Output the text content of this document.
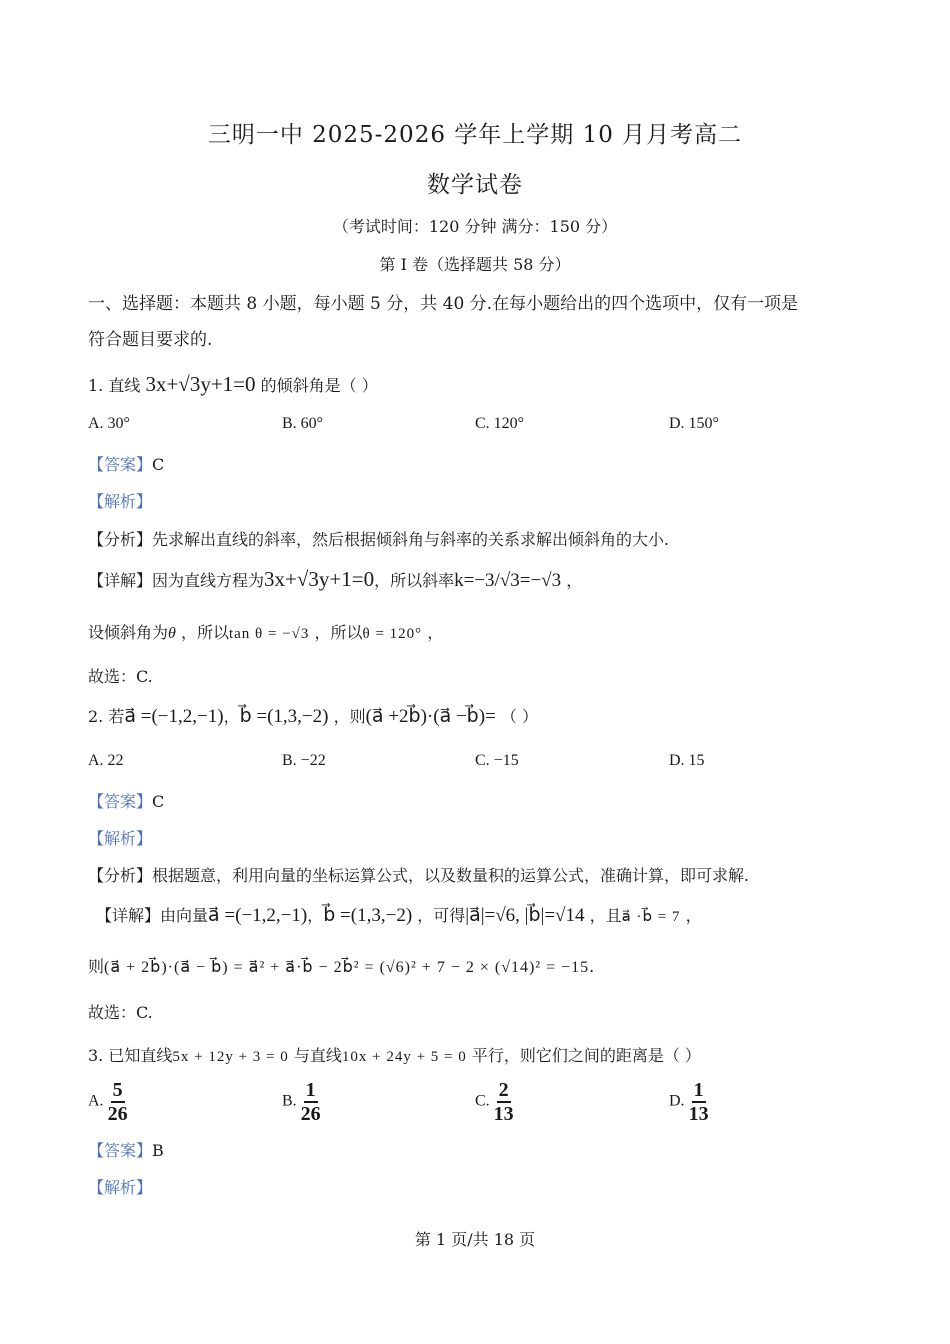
三明一中 2025-2026 学年上学期 10 月月考高二
数学试卷
（考试时间：120 分钟 满分：150 分）
第 I 卷（选择题共 58 分）
一、选择题：本题共 8 小题，每小题 5 分，共 40 分.在每小题给出的四个选项中，仅有一项是
符合题目要求的.
1. 直线 3x+√3y+1=0 的倾斜角是（ ）
A. 30°	B. 60°	C. 120°	D. 150°
【答案】C
【解析】
【分析】先求解出直线的斜率，然后根据倾斜角与斜率的关系求解出倾斜角的大小.
【详解】因为直线方程为3x+√3y+1=0，所以斜率k=−3/√3=−√3 ，
设倾斜角为θ ，所以tan θ = −√3 ，所以θ = 120° ，
故选：C.
2. 若a⃗ =(−1,2,−1)，b⃗ =(1,3,−2) ，则(a⃗ +2b⃗)·(a⃗ −b⃗)= （ ）
A. 22	B. −22	C. −15	D. 15
【答案】C
【解析】
【分析】根据题意，利用向量的坐标运算公式，以及数量积的运算公式，准确计算，即可求解.
【详解】由向量a⃗ =(−1,2,−1)，b⃗ =(1,3,−2) ，可得|a⃗|=√6, |b⃗|=√14 ，且a⃗ ·b⃗ = 7 ，
则(a⃗ + 2b⃗)·(a⃗ − b⃗) = a⃗² + a⃗·b⃗ − 2b⃗² = (√6)² + 7 − 2 × (√14)² = −15.
故选：C.
3. 已知直线5x + 12y + 3 = 0 与直线10x + 24y + 5 = 0 平行，则它们之间的距离是（ ）
A. $\frac{5}{26}$	B. $\frac{1}{26}$	C. $\frac{2}{13}$	D. $\frac{1}{13}$
【答案】B
【解析】
第 1 页/共 18 页
